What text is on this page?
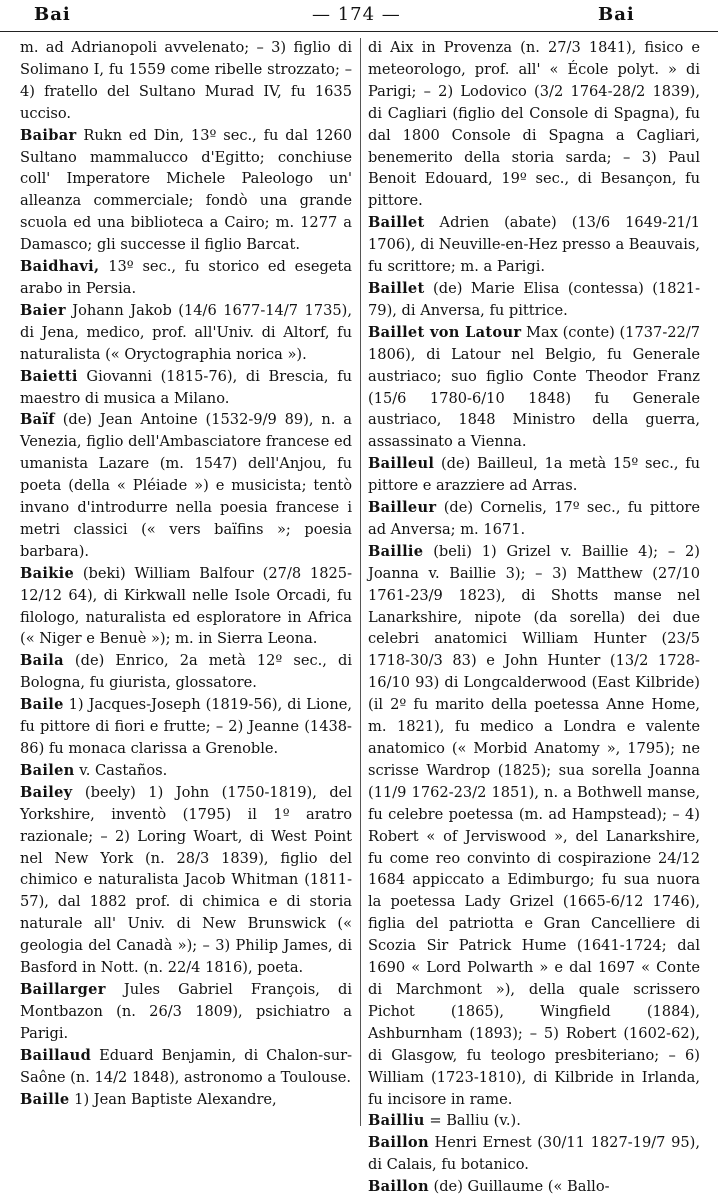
Bai	— 174 —	Bai

m. ad Adrianopoli avvelenato; – 3) figlio di Solimano I, fu 1559 come ribelle strozzato; – 4) fratello del Sultano Murad IV, fu 1635 ucciso.

Baibar Rukn ed Din, 13º sec., fu dal 1260 Sultano mammalucco d'Egitto; conchiuse coll' Imperatore Michele Paleologo un' alleanza commerciale; fondò una grande scuola ed una biblioteca a Cairo; m. 1277 a Damasco; gli successe il figlio Barcat.

Baidhavi, 13º sec., fu storico ed esegeta arabo in Persia.

Baier Johann Jakob (14/6 1677-14/7 1735), di Jena, medico, prof. all'Univ. di Altorf, fu naturalista (« Oryctographia norica »).

Baietti Giovanni (1815-76), di Brescia, fu maestro di musica a Milano.

Baïf (de) Jean Antoine (1532-9/9 89), n. a Venezia, figlio dell'Ambasciatore francese ed umanista Lazare (m. 1547) dell'Anjou, fu poeta (della « Pléiade ») e musicista; tentò invano d'introdurre nella poesia francese i metri classici (« vers baïfins »; poesia barbara).

Baikie (beki) William Balfour (27/8 1825-12/12 64), di Kirkwall nelle Isole Orcadi, fu filologo, naturalista ed esploratore in Africa (« Niger e Benuè »); m. in Sierra Leona.

Baila (de) Enrico, 2a metà 12º sec., di Bologna, fu giurista, glossatore.

Baile 1) Jacques-Joseph (1819-56), di Lione, fu pittore di fiori e frutte; – 2) Jeanne (1438-86) fu monaca clarissa a Grenoble.

Bailen v. Castaños.

Bailey (beely) 1) John (1750-1819), del Yorkshire, inventò (1795) il 1º aratro razionale; – 2) Loring Woart, di West Point nel New York (n. 28/3 1839), figlio del chimico e naturalista Jacob Whitman (1811-57), dal 1882 prof. di chimica e di storia naturale all' Univ. di New Brunswick (« geologia del Canadà »); – 3) Philip James, di Basford in Nott. (n. 22/4 1816), poeta.

Baillarger Jules Gabriel François, di Montbazon (n. 26/3 1809), psichiatro a Parigi.

Baillaud Eduard Benjamin, di Chalon-sur-Saône (n. 14/2 1848), astronomo a Toulouse.

Baille 1) Jean Baptiste Alexandre,

di Aix in Provenza (n. 27/3 1841), fisico e meteorologo, prof. all' « École polyt. » di Parigi; – 2) Lodovico (3/2 1764-28/2 1839), di Cagliari (figlio del Console di Spagna), fu dal 1800 Console di Spagna a Cagliari, benemerito della storia sarda; – 3) Paul Benoit Edouard, 19º sec., di Besançon, fu pittore.

Baillet Adrien (abate) (13/6 1649-21/1 1706), di Neuville-en-Hez presso a Beauvais, fu scrittore; m. a Parigi.

Baillet (de) Marie Elisa (contessa) (1821-79), di Anversa, fu pittrice.

Baillet von Latour Max (conte) (1737-22/7 1806), di Latour nel Belgio, fu Generale austriaco; suo figlio Conte Theodor Franz (15/6 1780-6/10 1848) fu Generale austriaco, 1848 Ministro della guerra, assassinato a Vienna.

Bailleul (de) Bailleul, 1a metà 15º sec., fu pittore e arazziere ad Arras.

Bailleur (de) Cornelis, 17º sec., fu pittore ad Anversa; m. 1671.

Baillie (beli) 1) Grizel v. Baillie 4); – 2) Joanna v. Baillie 3); – 3) Matthew (27/10 1761-23/9 1823), di Shotts manse nel Lanarkshire, nipote (da sorella) dei due celebri anatomici William Hunter (23/5 1718-30/3 83) e John Hunter (13/2 1728-16/10 93) di Longcalderwood (East Kilbride) (il 2º fu marito della poetessa Anne Home, m. 1821), fu medico a Londra e valente anatomico (« Morbid Anatomy », 1795); ne scrisse Wardrop (1825); sua sorella Joanna (11/9 1762-23/2 1851), n. a Bothwell manse, fu celebre poetessa (m. ad Hampstead); – 4) Robert « of Jerviswood », del Lanarkshire, fu come reo convinto di cospirazione 24/12 1684 appiccato a Edimburgo; fu sua nuora la poetessa Lady Grizel (1665-6/12 1746), figlia del patriotta e Gran Cancelliere di Scozia Sir Patrick Hume (1641-1724; dal 1690 « Lord Polwarth » e dal 1697 « Conte di Marchmont »), della quale scrissero Pichot (1865), Wingfield (1884), Ashburnham (1893); – 5) Robert (1602-62), di Glasgow, fu teologo presbiteriano; – 6) William (1723-1810), di Kilbride in Irlanda, fu incisore in rame.

Bailliu = Balliu (v.).

Baillon Henri Ernest (30/11 1827-19/7 95), di Calais, fu botanico.

Baillon (de) Guillaume (« Ballo-
